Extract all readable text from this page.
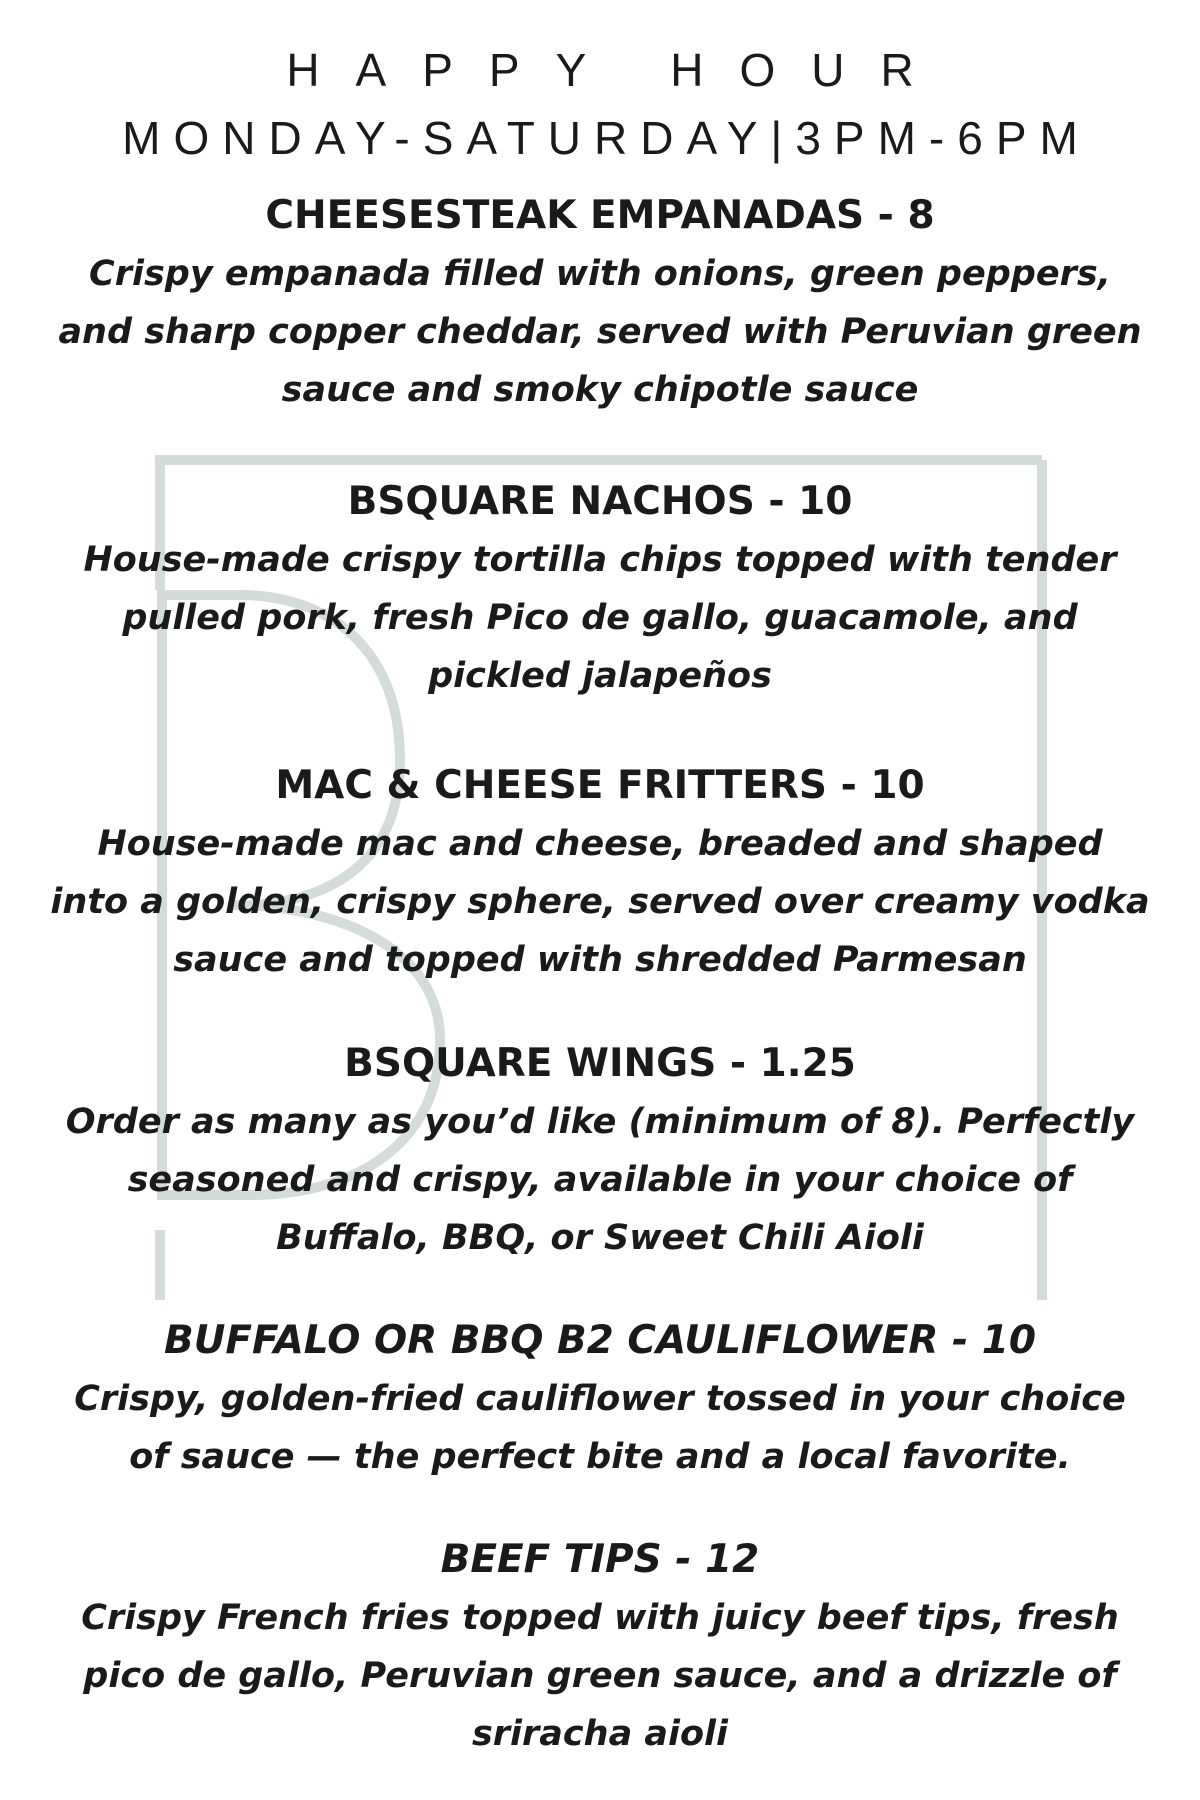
HAPPY HOUR

MONDAY-SATURDAY|3PM-6PM

CHEESESTEAK EMPANADAS - 8

Crispy empanada filled with onions, green peppers,

and sharp copper cheddar, served with Peruvian green

sauce and smoky chipotle sauce

BSQUARE NACHOS - 10

House-made crispy tortilla chips topped with tender

pulled pork, fresh Pico de gallo, guacamole, and

pickled jalapeños

MAC & CHEESE FRITTERS - 10

House-made mac and cheese, breaded and shaped

into a golden, crispy sphere, served over creamy vodka

sauce and topped with shredded Parmesan

BSQUARE WINGS - 1.25

Order as many as you’d like (minimum of 8). Perfectly

seasoned and crispy, available in your choice of

Buffalo, BBQ, or Sweet Chili Aioli

BUFFALO OR BBQ B2 CAULIFLOWER - 10

Crispy, golden-fried cauliflower tossed in your choice

of sauce — the perfect bite and a local favorite.

BEEF TIPS - 12

Crispy French fries topped with juicy beef tips, fresh

pico de gallo, Peruvian green sauce, and a drizzle of

sriracha aioli
